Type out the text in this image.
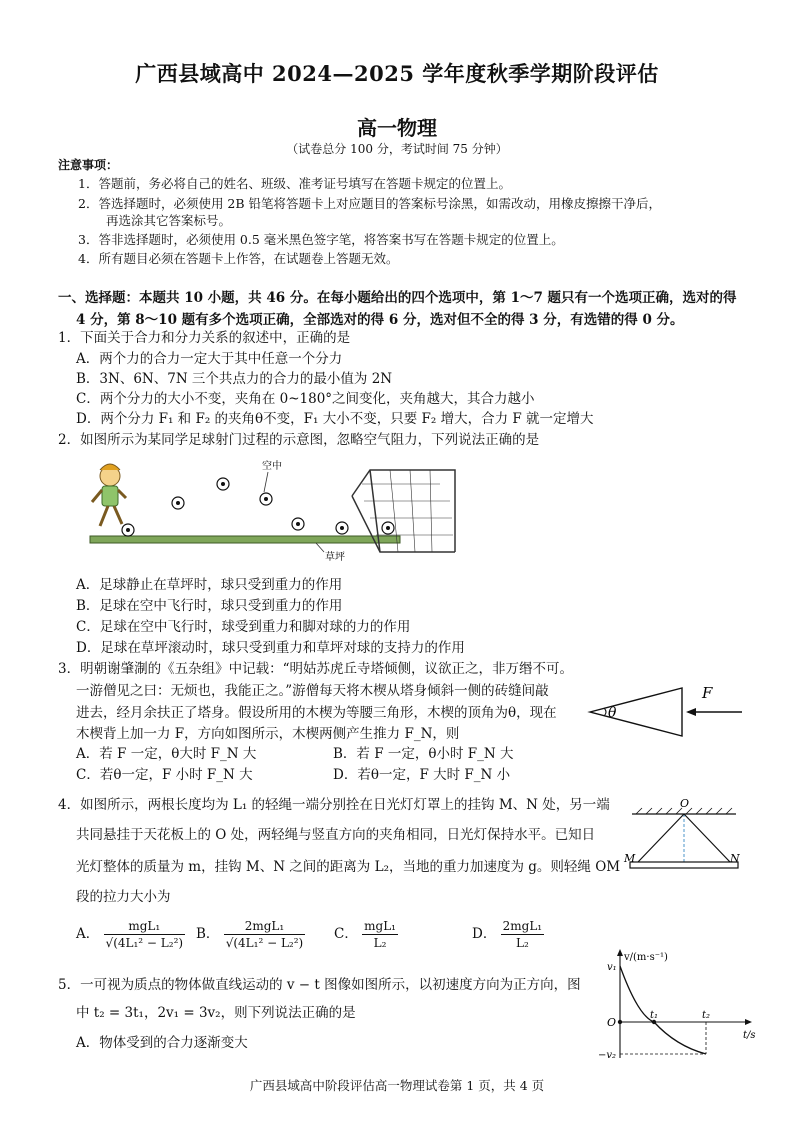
广西县域高中 2024—2025 学年度秋季学期阶段评估
高一物理
（试卷总分 100 分，考试时间 75 分钟）
注意事项：
1．答题前，务必将自己的姓名、班级、准考证号填写在答题卡规定的位置上。
2．答选择题时，必须使用 2B 铅笔将答题卡上对应题目的答案标号涂黑，如需改动，用橡皮擦擦干净后，
再选涂其它答案标号。
3．答非选择题时，必须使用 0.5 毫米黑色签字笔，将答案书写在答题卡规定的位置上。
4．所有题目必须在答题卡上作答，在试题卷上答题无效。
一、选择题：本题共 10 小题，共 46 分。在每小题给出的四个选项中，第 1～7 题只有一个选项正确，选对的得
4 分，第 8～10 题有多个选项正确，全部选对的得 6 分，选对但不全的得 3 分，有选错的得 0 分。
1．下面关于合力和分力关系的叙述中，正确的是
A．两个力的合力一定大于其中任意一个分力
B．3N、6N、7N 三个共点力的合力的最小值为 2N
C．两个分力的大小不变，夹角在 0~180°之间变化，夹角越大，其合力越小
D．两个分力 F₁ 和 F₂ 的夹角θ不变，F₁ 大小不变，只要 F₂ 增大，合力 F 就一定增大
2．如图所示为某同学足球射门过程的示意图，忽略空气阻力，下列说法正确的是
空中
草坪
A．足球静止在草坪时，球只受到重力的作用
B．足球在空中飞行时，球只受到重力的作用
C．足球在空中飞行时，球受到重力和脚对球的力的作用
D．足球在草坪滚动时，球只受到重力和草坪对球的支持力的作用
3．明朝谢肇淛的《五杂组》中记载：“明姑苏虎丘寺塔倾侧，议欲正之，非万缗不可。
一游僧见之曰：无烦也，我能正之。”游僧每天将木楔从塔身倾斜一侧的砖缝间敲
进去，经月余扶正了塔身。假设所用的木楔为等腰三角形，木楔的顶角为θ，现在
木楔背上加一力 F，方向如图所示，木楔两侧产生推力 F_N，则
θ
F
A．若 F 一定，θ大时 F_N 大	B．若 F 一定，θ小时 F_N 大
C．若θ一定，F 小时 F_N 大	D．若θ一定，F 大时 F_N 小
4．如图所示，两根长度均为 L₁ 的轻绳一端分别拴在日光灯灯罩上的挂钩 M、N 处，另一端
共同悬挂于天花板上的 O 处，两轻绳与竖直方向的夹角相同，日光灯保持水平。已知日
光灯整体的质量为 m，挂钩 M、N 之间的距离为 L₂，当地的重力加速度为 g。则轻绳 OM
段的拉力大小为
O
M	N
A． $\frac{\text{mgL₁}}{\text{√(4L₁² − L₂²)}}$ B． $\frac{\text{2mgL₁}}{\text{√(4L₁² − L₂²)}}$ C． $\frac{\text{mgL₁}}{\text{L₂}}$	D． $\frac{\text{2mgL₁}}{\text{L₂}}$
5．一可视为质点的物体做直线运动的 v − t 图像如图所示，以初速度方向为正方向，图
中 t₂ = 3t₁，2v₁ = 3v₂，则下列说法正确的是
A．物体受到的合力逐渐变大
v/(m·s⁻¹)
t/s
v₁
O
t₁	t₂
−v₂
广西县域高中阶段评估高一物理试卷第 1 页，共 4 页
